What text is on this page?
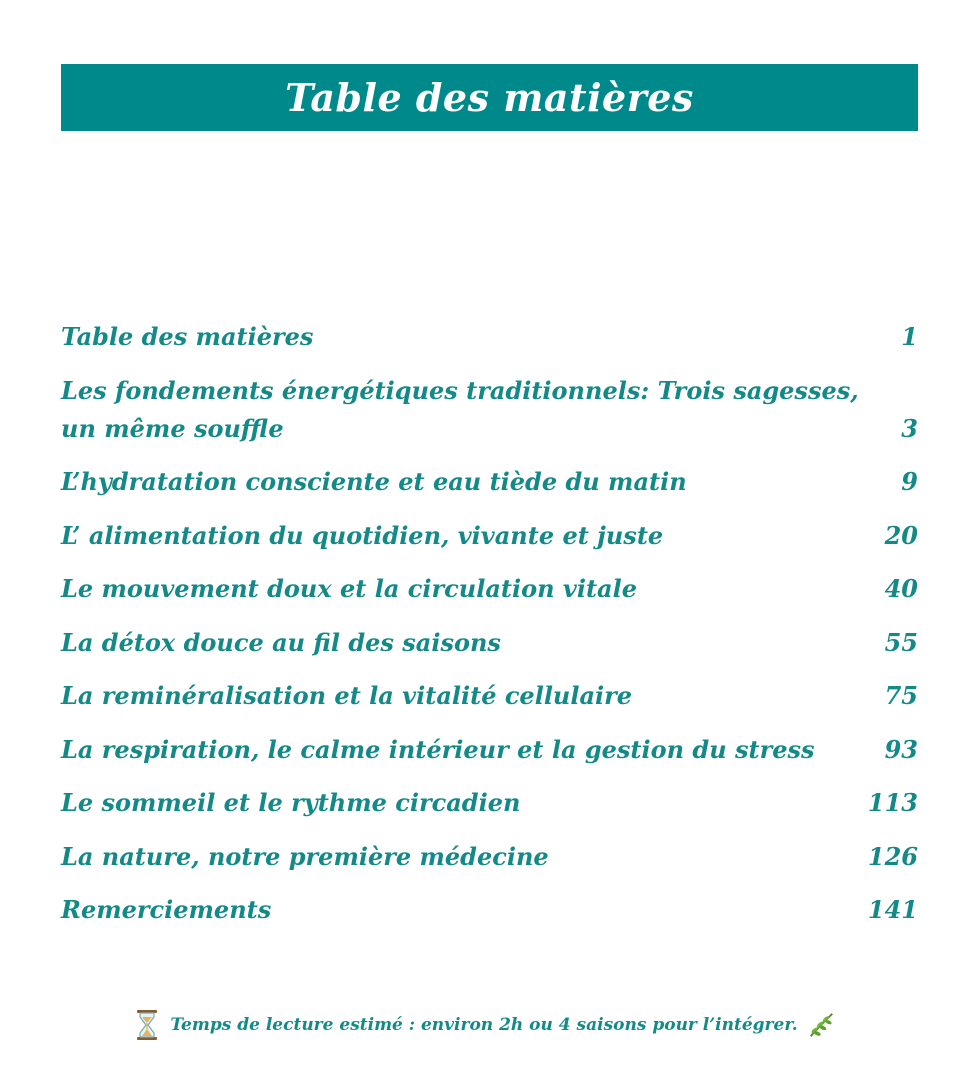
Table des matières
Table des matières	1
Les fondements énergétiques traditionnels: Trois sagesses, un même souffle	3
L’hydratation consciente et eau tiède du matin	9
L’ alimentation du quotidien, vivante et juste	20
Le mouvement doux et la circulation vitale	40
La détox douce au fil des saisons	55
La reminéralisation et la vitalité cellulaire	75
La respiration, le calme intérieur et la gestion du stress	93
Le sommeil et le rythme circadien	113
La nature, notre première médecine	126
Remerciements	141
Temps de lecture estimé : environ 2h ou 4 saisons pour l’intégrer.
